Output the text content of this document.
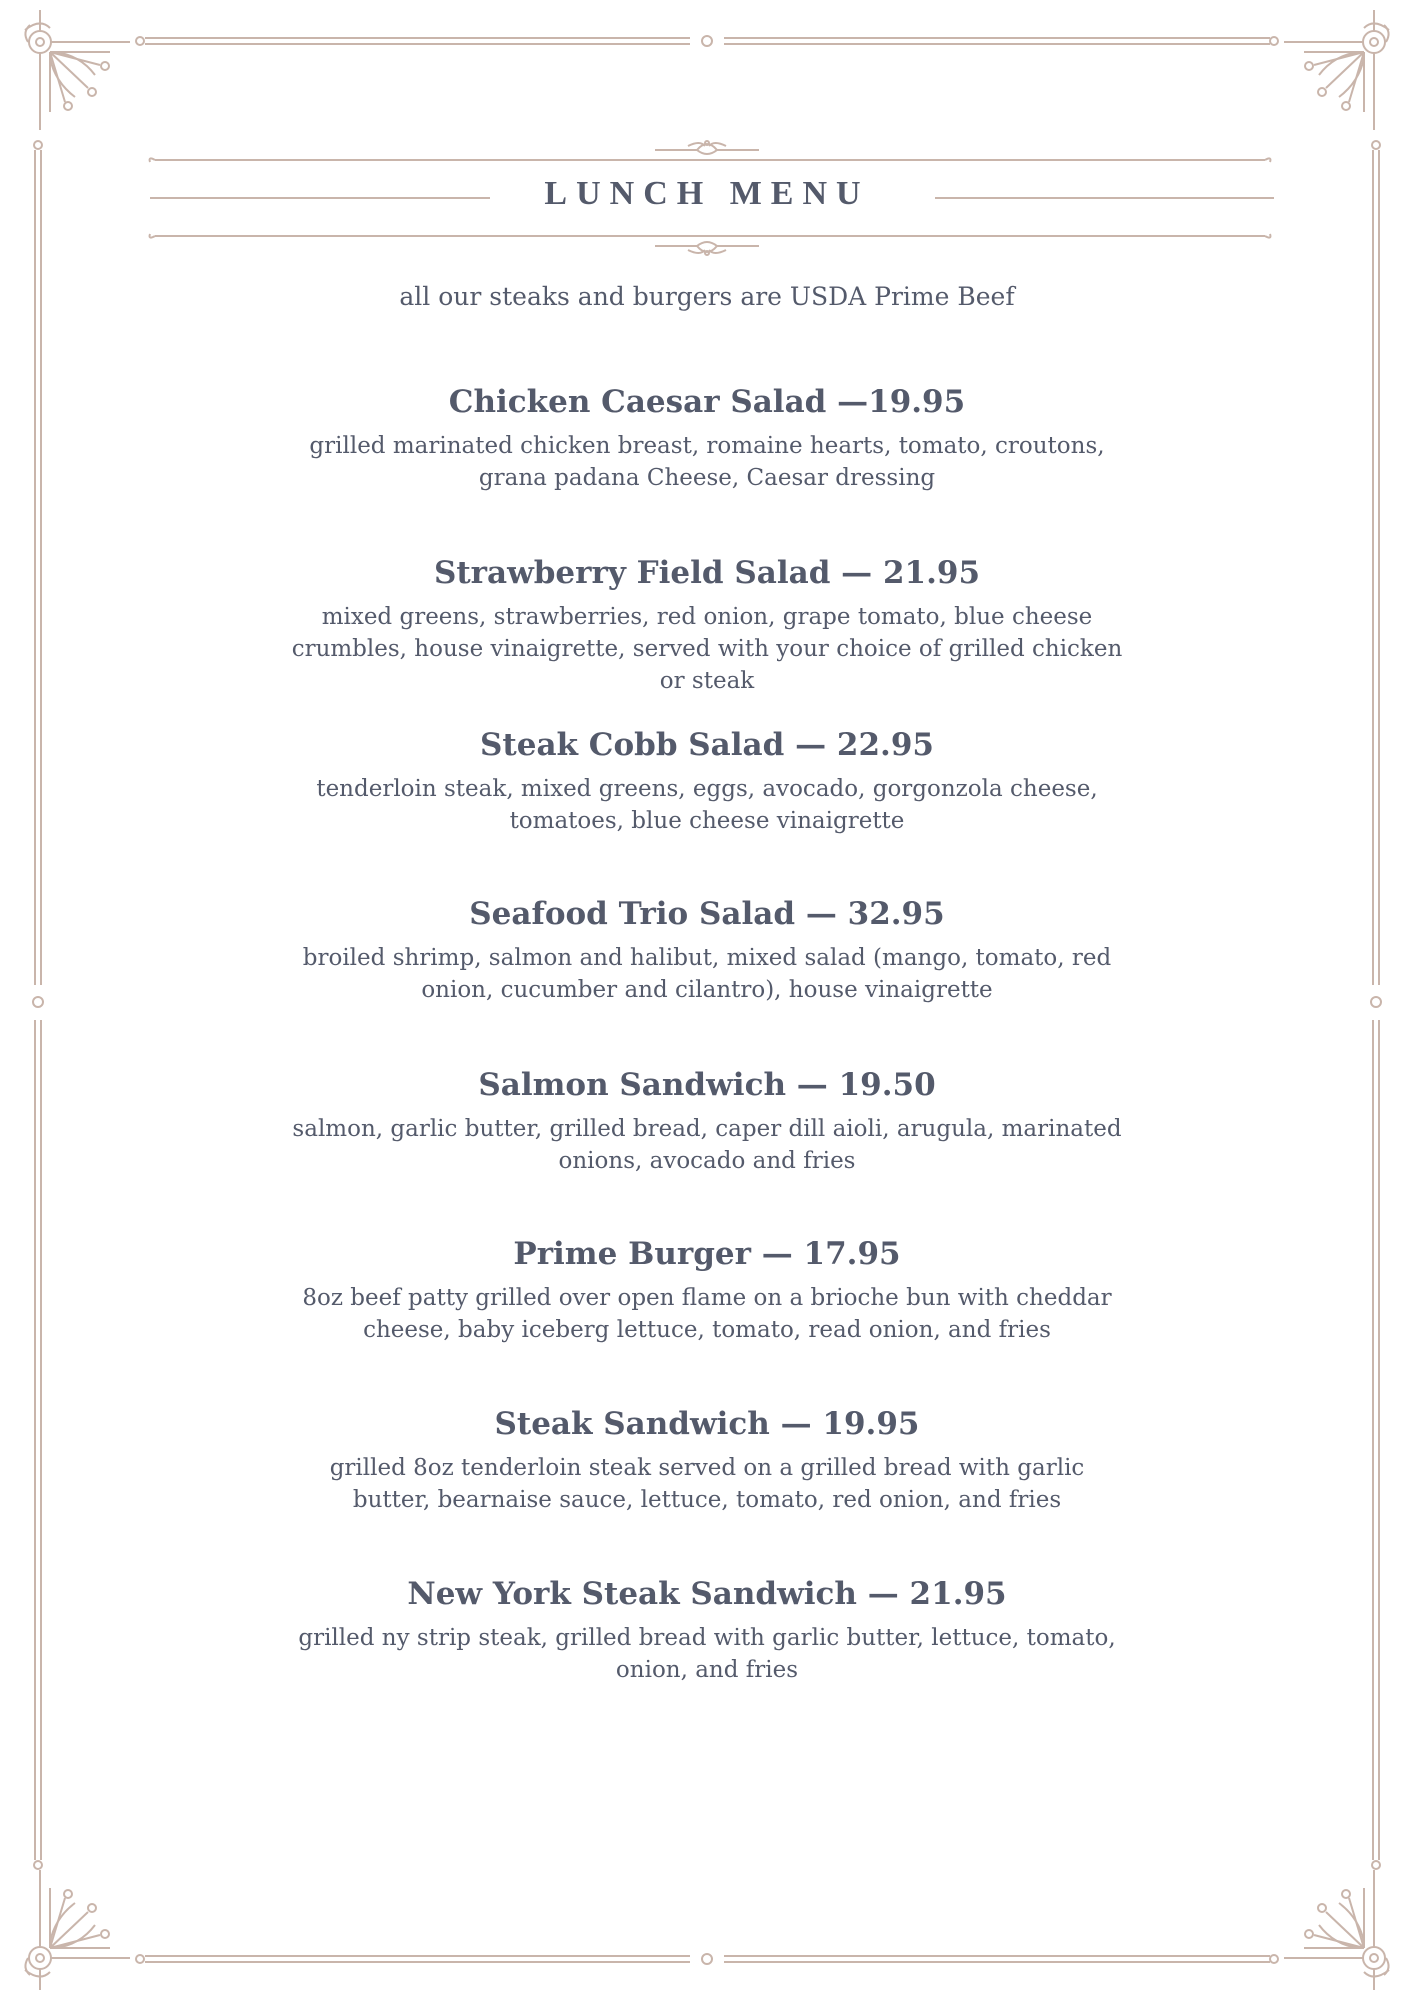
LUNCH MENU
all our steaks and burgers are USDA Prime Beef

Chicken Caesar Salad —19.95

grilled marinated chicken breast, romaine hearts, tomato, croutons, grana padana Cheese, Caesar dressing

Strawberry Field Salad — 21.95

mixed greens, strawberries, red onion, grape tomato, blue cheese crumbles, house vinaigrette, served with your choice of grilled chicken or steak

Steak Cobb Salad — 22.95

tenderloin steak, mixed greens, eggs, avocado, gorgonzola cheese, tomatoes, blue cheese vinaigrette

Seafood Trio Salad — 32.95

broiled shrimp, salmon and halibut, mixed salad (mango, tomato, red onion, cucumber and cilantro), house vinaigrette

Salmon Sandwich — 19.50

salmon, garlic butter, grilled bread, caper dill aioli, arugula, marinated onions, avocado and fries

Prime Burger — 17.95

8oz beef patty grilled over open flame on a brioche bun with cheddar cheese, baby iceberg lettuce, tomato, read onion, and fries

Steak Sandwich — 19.95

grilled 8oz tenderloin steak served on a grilled bread with garlic butter, bearnaise sauce, lettuce, tomato, red onion, and fries

New York Steak Sandwich — 21.95

grilled ny strip steak, grilled bread with garlic butter, lettuce, tomato, onion, and fries
